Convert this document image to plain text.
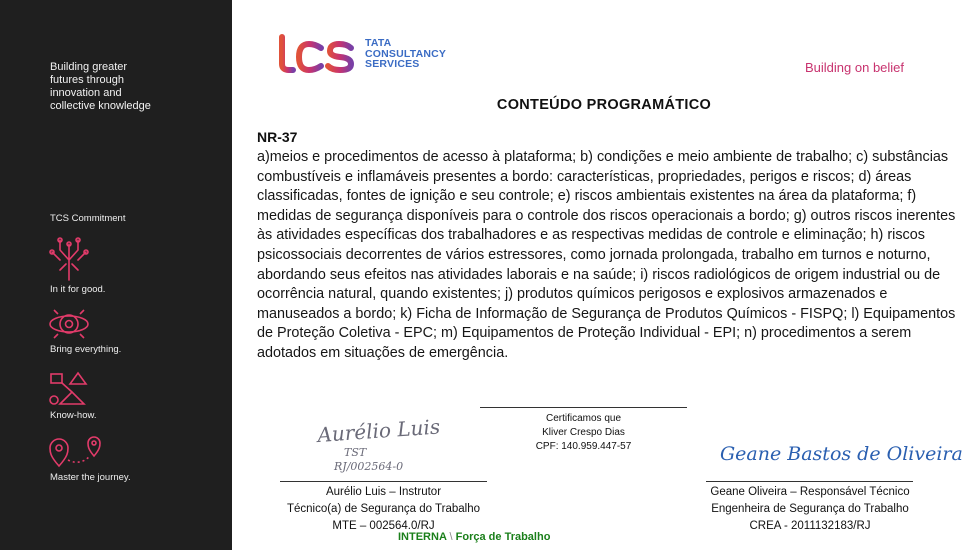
Building greater
futures through
innovation and
collective knowledge
TCS Commitment
In it for good.
Bring everything.
Know-how.
Master the journey.
TATA
CONSULTANCY
SERVICES	Building on belief
CONTEÚDO PROGRAMÁTICO
NR-37
a)meios e procedimentos de acesso à plataforma; b) condições e meio ambiente de trabalho; c) substâncias combustíveis e inflamáveis presentes a bordo: características, propriedades, perigos e riscos; d) áreas classificadas, fontes de ignição e seu controle; e) riscos ambientais existentes na área da plataforma; f) medidas de segurança disponíveis para o controle dos riscos operacionais a bordo; g) outros riscos inerentes às atividades específicas dos trabalhadores e as respectivas medidas de controle e eliminação; h) riscos psicossociais decorrentes de vários estressores, como jornada prolongada, trabalho em turnos e noturno, abordando seus efeitos nas atividades laborais e na saúde; i) riscos radiológicos de origem industrial ou de ocorrência natural, quando existentes; j) produtos químicos perigosos e explosivos armazenados e manuseados a bordo; k) Ficha de Informação de Segurança de Produtos Químicos - FISPQ; l) Equipamentos de Proteção Coletiva - EPC; m) Equipamentos de Proteção Individual - EPI; n) procedimentos a serem adotados em situações de emergência.
Certificamos que
Kliver Crespo Dias
CPF: 140.959.447-57
Aurélio Luis
TST
RJ/002564-0
Aurélio Luis – Instrutor
Técnico(a) de Segurança do Trabalho
MTE – 002564.0/RJ
Geane Bastos de Oliveira
Geane Oliveira – Responsável Técnico
Engenheira de Segurança do Trabalho
CREA - 2011132183/RJ
INTERNA \ Força de Trabalho
